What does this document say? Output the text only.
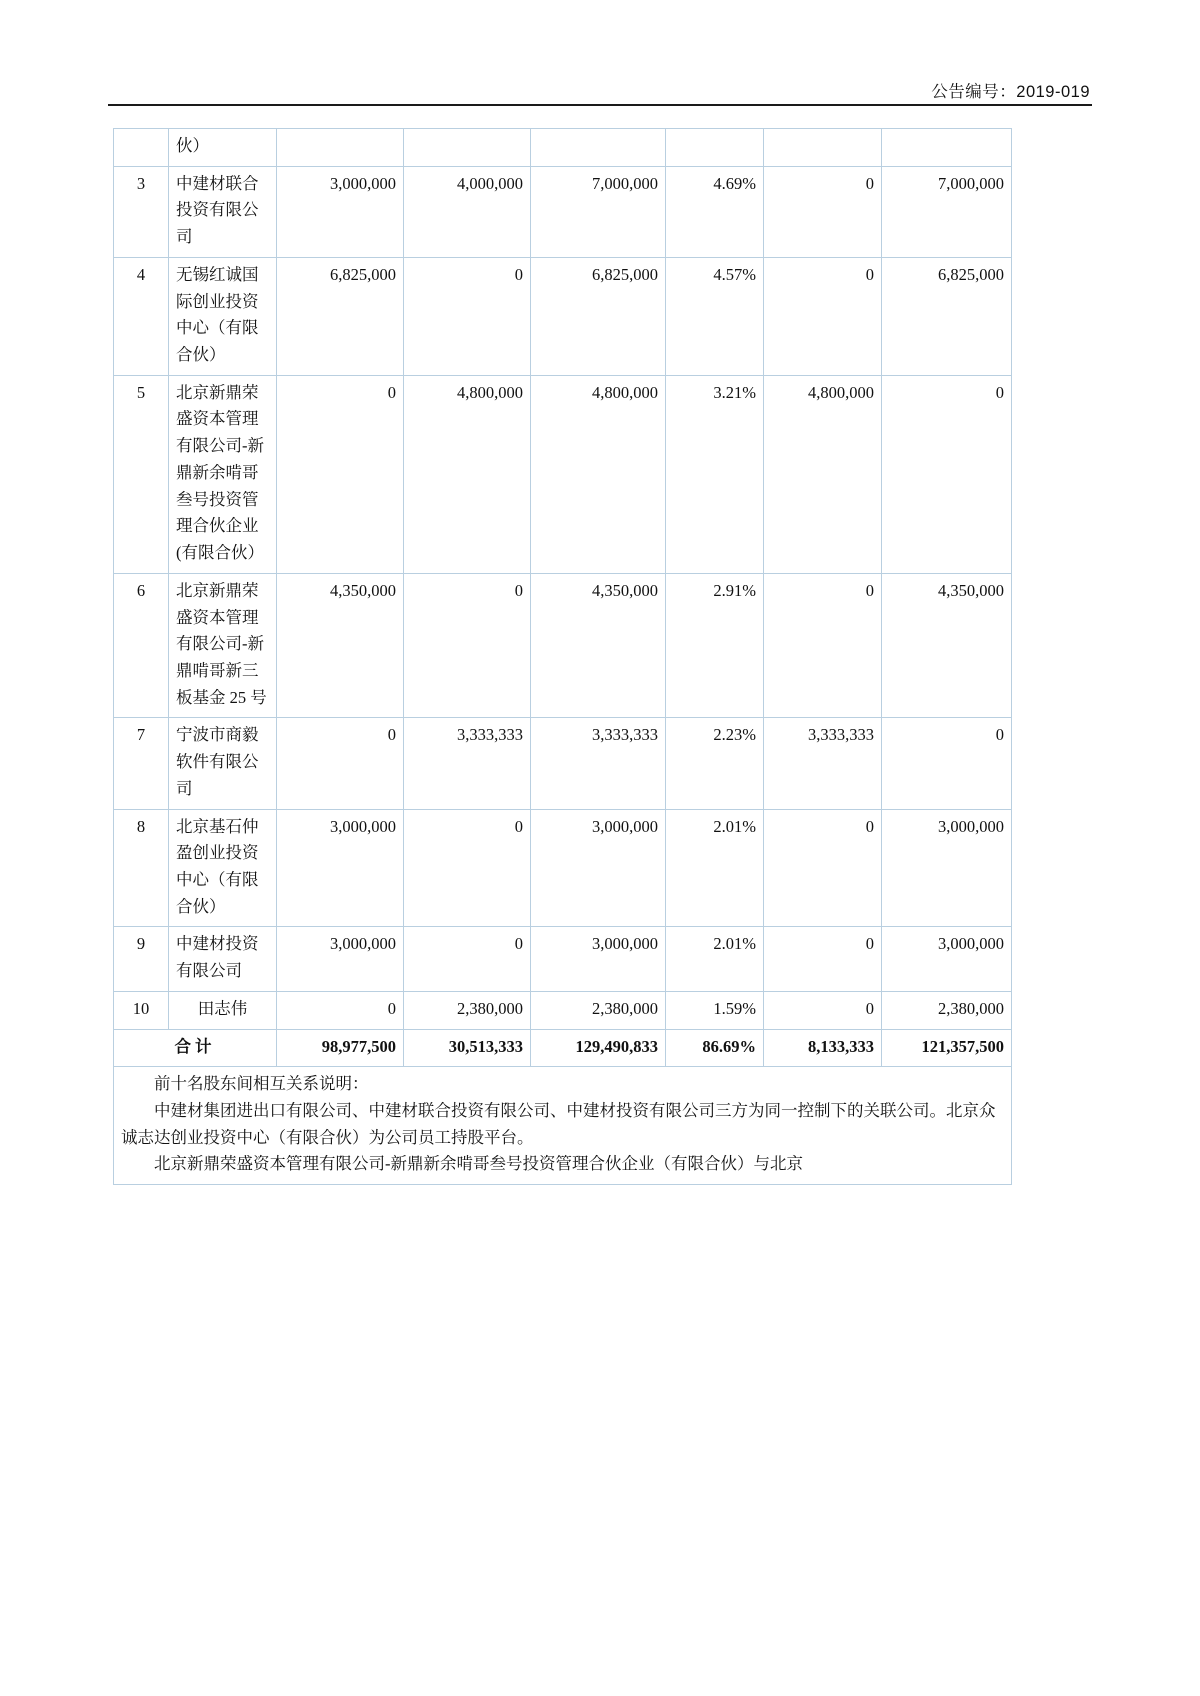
公告编号：2019-019
	伙）						
3	中建材联合投资有限公司	3,000,000	4,000,000	7,000,000	4.69%	0	7,000,000
4	无锡红诚国际创业投资中心（有限合伙）	6,825,000	0	6,825,000	4.57%	0	6,825,000
5	北京新鼎荣盛资本管理有限公司-新鼎新余啃哥叁号投资管理合伙企业(有限合伙）	0	4,800,000	4,800,000	3.21%	4,800,000	0
6	北京新鼎荣盛资本管理有限公司-新鼎啃哥新三板基金 25 号	4,350,000	0	4,350,000	2.91%	0	4,350,000
7	宁波市商毅软件有限公司	0	3,333,333	3,333,333	2.23%	3,333,333	0
8	北京基石仲盈创业投资中心（有限合伙）	3,000,000	0	3,000,000	2.01%	0	3,000,000
9	中建材投资有限公司	3,000,000	0	3,000,000	2.01%	0	3,000,000
10	田志伟	0	2,380,000	2,380,000	1.59%	0	2,380,000
合计		98,977,500	30,513,333	129,490,833	86.69%	8,133,333	121,357,500

前十名股东间相互关系说明：

中建材集团进出口有限公司、中建材联合投资有限公司、中建材投资有限公司三方为同一控制下的关联公司。北京众诚志达创业投资中心（有限合伙）为公司员工持股平台。

北京新鼎荣盛资本管理有限公司-新鼎新余啃哥叁号投资管理合伙企业（有限合伙）与北京							
